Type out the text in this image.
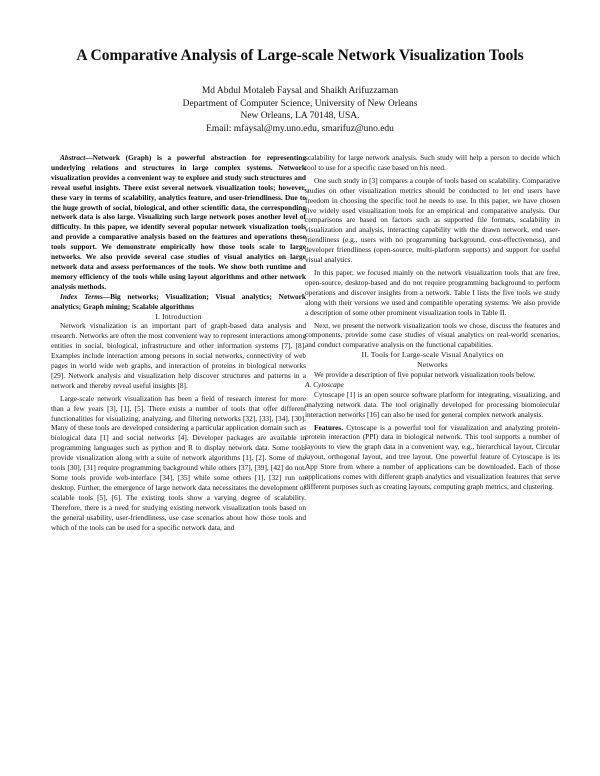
A Comparative Analysis of Large-scale Network Visualization Tools
Md Abdul Motaleb Faysal and Shaikh Arifuzzaman
Department of Computer Science, University of New Orleans
New Orleans, LA 70148, USA.
Email: mfaysal@my.uno.edu, smarifuz@uno.edu

Abstract—Network (Graph) is a powerful abstraction for representing underlying relations and structures in large complex systems. Network visualization provides a convenient way to explore and study such structures and reveal useful insights. There exist several network visualization tools; however, these vary in terms of scalability, analytics feature, and user-friendliness. Due to the huge growth of social, biological, and other scientific data, the corresponding network data is also large. Visualizing such large network poses another level of difficulty. In this paper, we identify several popular network visualization tools and provide a comparative analysis based on the features and operations these tools support. We demonstrate empirically how those tools scale to large networks. We also provide several case studies of visual analytics on large network data and assess performances of the tools. We show both runtime and memory efficiency of the tools while using layout algorithms and other network analysis methods.

Index Terms—Big networks; Visualization; Visual analytics; Network analytics; Graph mining; Scalable algorithms

I. Introduction

Network visualization is an important part of graph-based data analysis and research. Networks are often the most convenient way to represent interactions among entities in social, biological, infrastructure and other information systems [7], [8]. Examples include interaction among persons in social networks, connectivity of web pages in world wide web graphs, and interaction of proteins in biological networks [29]. Network analysis and visualization help discover structures and patterns in a network and thereby reveal useful insights [8].

Large-scale network visualization has been a field of research interest for more than a few years [3], [1], [5]. There exists a number of tools that offer different functionalities for visualizing, analyzing, and filtering networks [32], [33], [34], [30]. Many of these tools are developed considering a particular application domain such as biological data [1] and social networks [4]. Developer packages are available in programming languages such as python and R to display network data. Some tools provide visualization along with a suite of network algorithms [1], [2]. Some of the tools [30], [31] require programming background while others [37], [39], [42] do not. Some tools provide web-interface [34], [35] while some others [1], [32] run on desktop. Further, the emergence of large network data necessitates the development of scalable tools [5], [6]. The existing tools show a varying degree of scalability. Therefore, there is a need for studying existing network visualization tools based on the general usability, user-friendliness, use case scenarios about how those tools and which of the tools can be used for a specific network data, and

scalability for large network analysis. Such study will help a person to decide which tool to use for a specific case based on his need.

One such study in [3] compares a couple of tools based on scalability. Comparative studies on other visualization metrics should be conducted to let end users have freedom in choosing the specific tool he needs to use. In this paper, we have chosen five widely used visualization tools for an empirical and comparative analysis. Our comparisons are based on factors such as supported file formats, scalability in visualization and analysis, interacting capability with the drawn network, end user-friendliness (e.g., users with no programming background, cost-effectiveness), and developer friendliness (open-source, multi-platform supports) and support for useful visual analytics.

In this paper, we focused mainly on the network visualization tools that are free, open-source, desktop-based and do not require programming background to perform operations and discover insights from a network. Table I lists the five tools we study along with their versions we used and compatible operating systems. We also provide a description of some other prominent visualization tools in Table II.

Next, we present the network visualization tools we chose, discuss the features and components, provide some case studies of visual analytics on real-world scenarios, and conduct comparative analysis on the functional capabilities.

II. Tools for Large-scale Visual Analytics on
Networks

We provide a description of five popular network visualization tools below.

A. Cytoscape

Cytoscape [1] is an open source software platform for integrating, visualizing, and analyzing network data. The tool originally developed for processing biomolecular interaction networks [16] can also be used for general complex network analysis.

Features. Cytoscape is a powerful tool for visualization and analyzing protein-protein interaction (PPI) data in biological network. This tool supports a number of layouts to view the graph data in a convenient way, e.g., hierarchical layout, Circular layout, orthogonal layout, and tree layout. One powerful feature of Cytoscape is its App Store from where a number of applications can be downloaded. Each of those applications comes with different graph analytics and visualization features that serve different purposes such as creating layouts, computing graph metrics, and clustering.
